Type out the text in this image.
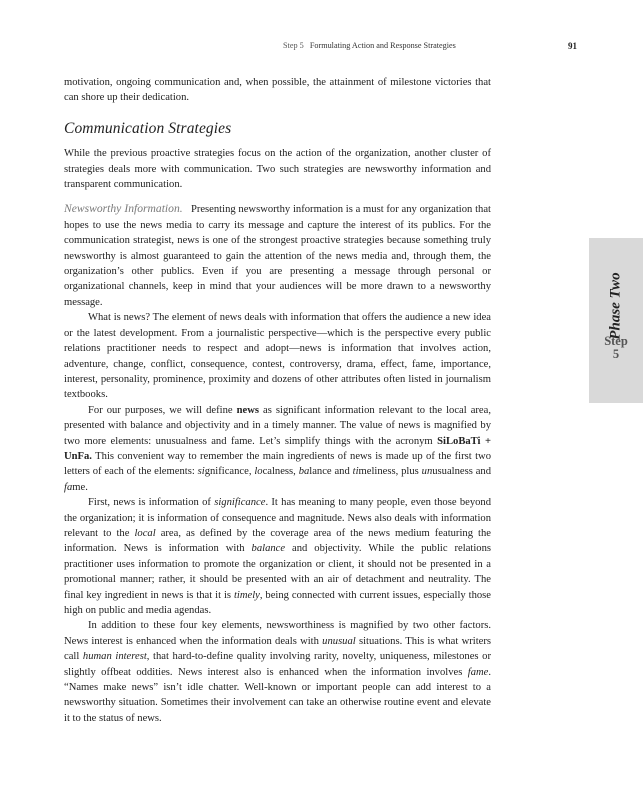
Step 5 Formulating Action and Response Strategies	91
Phase Two
Step
5

motivation, ongoing communication and, when possible, the attainment of milestone victories that can shore up their dedication.

Communication Strategies

While the previous proactive strategies focus on the action of the organization, another cluster of strategies deals more with communication. Two such strategies are newsworthy information and transparent communication.

Newsworthy Information. Presenting newsworthy information is a must for any organization that hopes to use the news media to carry its message and capture the interest of its publics. For the communication strategist, news is one of the strongest proactive strategies because something truly newsworthy is almost guaranteed to gain the attention of the news media and, through them, the organization’s other publics. Even if you are presenting a message through personal or organizational channels, keep in mind that your audiences will be more drawn to a newsworthy message.

What is news? The element of news deals with information that offers the audience a new idea or the latest development. From a journalistic perspective—which is the perspective every public relations practitioner needs to respect and adopt—news is information that involves action, adventure, change, conflict, consequence, contest, controversy, drama, effect, fame, importance, interest, personality, prominence, proximity and dozens of other attributes often listed in journalism textbooks.

For our purposes, we will define news as significant information relevant to the local area, presented with balance and objectivity and in a timely manner. The value of news is magnified by two more elements: unusualness and fame. Let’s simplify things with the acronym SiLoBaTi + UnFa. This convenient way to remember the main ingredients of news is made up of the first two letters of each of the elements: significance, localness, balance and timeliness, plus unusualness and fame.

First, news is information of significance. It has meaning to many people, even those beyond the organization; it is information of consequence and magnitude. News also deals with information relevant to the local area, as defined by the coverage area of the news medium featuring the information. News is information with balance and objectivity. While the public relations practitioner uses information to promote the organization or client, it should not be presented in a promotional manner; rather, it should be presented with an air of detachment and neutrality. The final key ingredient in news is that it is timely, being connected with current issues, especially those high on public and media agendas.

In addition to these four key elements, newsworthiness is magnified by two other factors. News interest is enhanced when the information deals with unusual situations. This is what writers call human interest, that hard-to-define quality involving rarity, novelty, uniqueness, milestones or slightly offbeat oddities. News interest also is enhanced when the information involves fame. “Names make news” isn’t idle chatter. Well-known or important people can add interest to a newsworthy situation. Sometimes their involvement can take an otherwise routine event and elevate it to the status of news.
